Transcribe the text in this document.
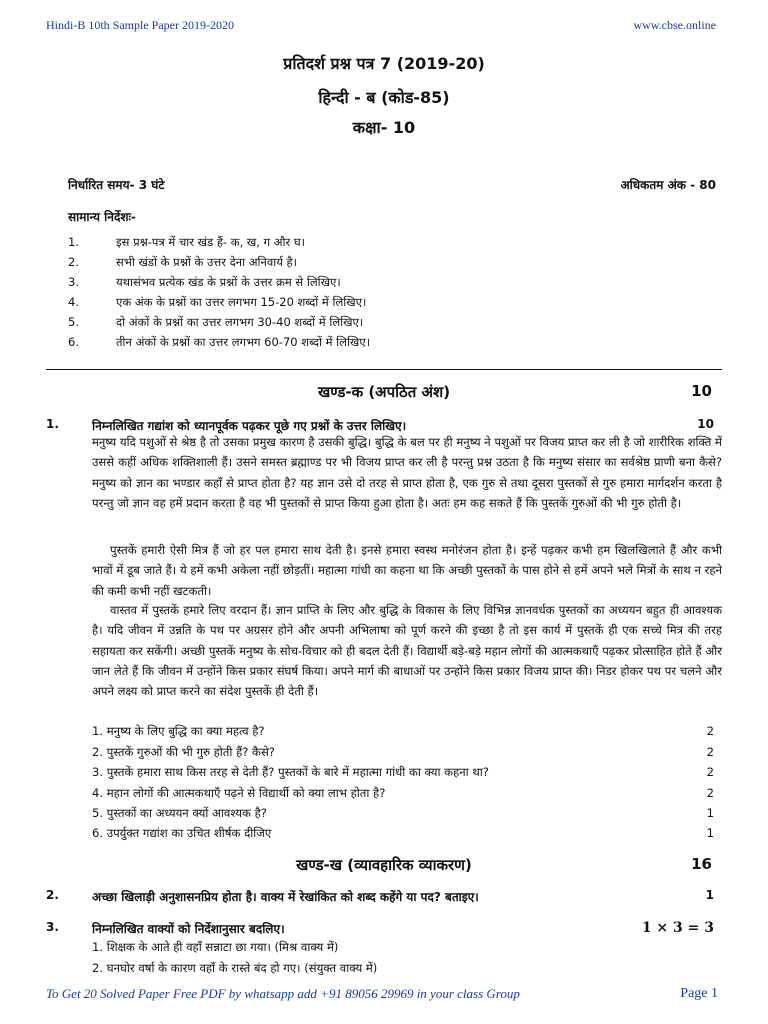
Hindi-B 10th Sample Paper 2019-2020	www.cbse.online
प्रतिदर्श प्रश्न पत्र 7 (2019-20)
हिन्दी - ब (कोड-85)
कक्षा- 10
निर्धारित समय- 3 घंटे	अधिकतम अंक - 80
सामान्य निर्देशः-
1.	इस प्रश्न-पत्र में चार खंड हैं- क, ख, ग और घ।
2.	सभी खंडों के प्रश्नों के उत्तर देना अनिवार्य है।
3.	यथासंभव प्रत्येक खंड के प्रश्नों के उत्तर क्रम से लिखिए।
4.	एक अंक के प्रश्नों का उत्तर लगभग 15-20 शब्दों में लिखिए।
5.	दो अंकों के प्रश्नों का उत्तर लगभग 30-40 शब्दों में लिखिए।
6.	तीन अंकों के प्रश्नों का उत्तर लगभग 60-70 शब्दों में लिखिए।
खण्ड-क (अपठित अंश)	10
1.	निम्नलिखित गद्यांश को ध्यानपूर्वक पढ़कर पूछे गए प्रश्नों के उत्तर लिखिए।	10
मनुष्य यदि पशुओं से श्रेष्ठ है तो उसका प्रमुख कारण है उसकी बुद्धि। बुद्धि के बल पर ही मनुष्य ने पशुओं पर विजय प्राप्त कर ली है जो शारीरिक शक्ति में उससे कहीं अधिक शक्तिशाली हैं। उसने समस्त ब्रह्माण्ड पर भी विजय प्राप्त कर ली है परन्तु प्रश्न उठता है कि मनुष्य संसार का सर्वश्रेष्ठ प्राणी बना कैसे? मनुष्य को ज्ञान का भण्डार कहाँ से प्राप्त होता है? यह ज्ञान उसे दो तरह से प्राप्त होता है, एक गुरु से तथा दूसरा पुस्तकों से गुरु हमारा मार्गदर्शन करता है परन्तु जो ज्ञान वह हमें प्रदान करता है वह भी पुस्तकों से प्राप्त किया हुआ होता है। अतः हम कह सकते हैं कि पुस्तकें गुरुओं की भी गुरु होती है।
पुस्तकें हमारी ऐसी मित्र हैं जो हर पल हमारा साथ देती है। इनसे हमारा स्वस्थ मनोरंजन होता है। इन्हें पढ़कर कभी हम खिलखिलाते हैं और कभी भावों में डूब जाते हैं। ये हमें कभी अकेला नहीं छोड़तीं। महात्मा गांधी का कहना था कि अच्छी पुस्तकों के पास होने से हमें अपने भले मित्रों के साथ न रहने की कमी कभी नहीं खटकती।
वास्तव में पुस्तकें हमारे लिए वरदान हैं। ज्ञान प्राप्ति के लिए और बुद्धि के विकास के लिए विभिन्न ज्ञानवर्धक पुस्तकों का अध्ययन बहुत ही आवश्यक है। यदि जीवन में उन्नति के पथ पर अग्रसर होने और अपनी अभिलाषा को पूर्ण करने की इच्छा है तो इस कार्य में पुस्तकें ही एक सच्चे मित्र की तरह सहायता कर सकेंगी। अच्छी पुस्तकें मनुष्य के सोच-विचार को ही बदल देती हैं। विद्यार्थी बड़े-बड़े महान लोगों की आत्मकथाएँ पढ़कर प्रोत्साहित होते हैं और जान लेते हैं कि जीवन में उन्होंने किस प्रकार संघर्ष किया। अपने मार्ग की बाधाओं पर उन्होंने किस प्रकार विजय प्राप्त की। निडर होकर पथ पर चलने और अपने लक्ष्य को प्राप्त करने का संदेश पुस्तकें ही देती हैं।
1. मनुष्य के लिए बुद्धि का क्या महत्व है?	2
2. पुस्तकें गुरुओं की भी गुरु होती हैं? कैसे?	2
3. पुस्तकें हमारा साथ किस तरह से देती हैं? पुस्तकों के बारे में महात्मा गांधी का क्या कहना था?	2
4. महान लोगों की आत्मकथाएँ पढ़ने से विद्यार्थी को क्या लाभ होता है?	2
5. पुस्तकों का अध्ययन क्यों आवश्यक है?	1
6. उपर्युक्त गद्यांश का उचित शीर्षक दीजिए	1
खण्ड-ख (व्यावहारिक व्याकरण)	16
2.	अच्छा खिलाड़ी अनुशासनप्रिय होता है। वाक्य में रेखांकित को शब्द कहेंगे या पद? बताइए।	1
3.	निम्नलिखित वाक्यों को निर्देशानुसार बदलिए।	1 × 3 = 3
1. शिक्षक के आते ही वहाँ सन्नाटा छा गया। (मिश्र वाक्य में)
2. घनघोर वर्षा के कारण वहाँ के रास्ते बंद हो गए। (संयुक्त वाक्य में)
To Get 20 Solved Paper Free PDF by whatsapp add +91 89056 29969 in your class Group	Page 1
